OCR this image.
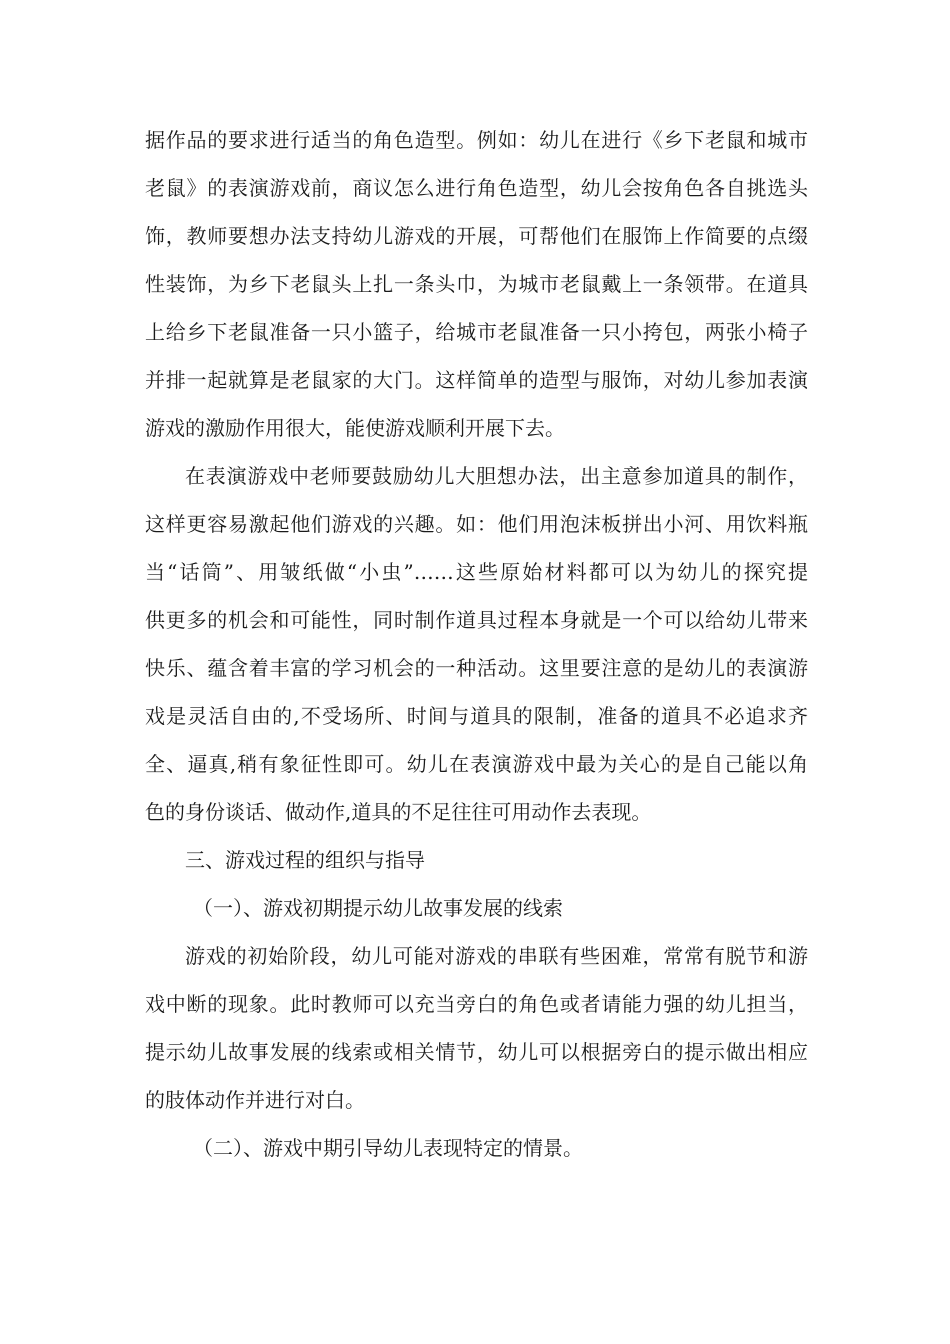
据作品的要求进行适当的角色造型。例如：幼儿在进行《乡下老鼠和城市
老鼠》的表演游戏前，商议怎么进行角色造型，幼儿会按角色各自挑选头
饰，教师要想办法支持幼儿游戏的开展，可帮他们在服饰上作简要的点缀
性装饰，为乡下老鼠头上扎一条头巾，为城市老鼠戴上一条领带。在道具
上给乡下老鼠准备一只小篮子，给城市老鼠准备一只小挎包，两张小椅子
并排一起就算是老鼠家的大门。这样简单的造型与服饰，对幼儿参加表演
游戏的激励作用很大，能使游戏顺利开展下去。
在表演游戏中老师要鼓励幼儿大胆想办法，出主意参加道具的制作，
这样更容易激起他们游戏的兴趣。如：他们用泡沫板拼出小河、用饮料瓶
当“话筒”、用皱纸做“小虫”……这些原始材料都可以为幼儿的探究提
供更多的机会和可能性，同时制作道具过程本身就是一个可以给幼儿带来
快乐、蕴含着丰富的学习机会的一种活动。这里要注意的是幼儿的表演游
戏是灵活自由的,不受场所、时间与道具的限制，准备的道具不必追求齐
全、逼真,稍有象征性即可。幼儿在表演游戏中最为关心的是自己能以角
色的身份谈话、做动作,道具的不足往往可用动作去表现。
三、游戏过程的组织与指导
（一）、游戏初期提示幼儿故事发展的线索
游戏的初始阶段，幼儿可能对游戏的串联有些困难，常常有脱节和游
戏中断的现象。此时教师可以充当旁白的角色或者请能力强的幼儿担当，
提示幼儿故事发展的线索或相关情节，幼儿可以根据旁白的提示做出相应
的肢体动作并进行对白。
（二）、游戏中期引导幼儿表现特定的情景。
